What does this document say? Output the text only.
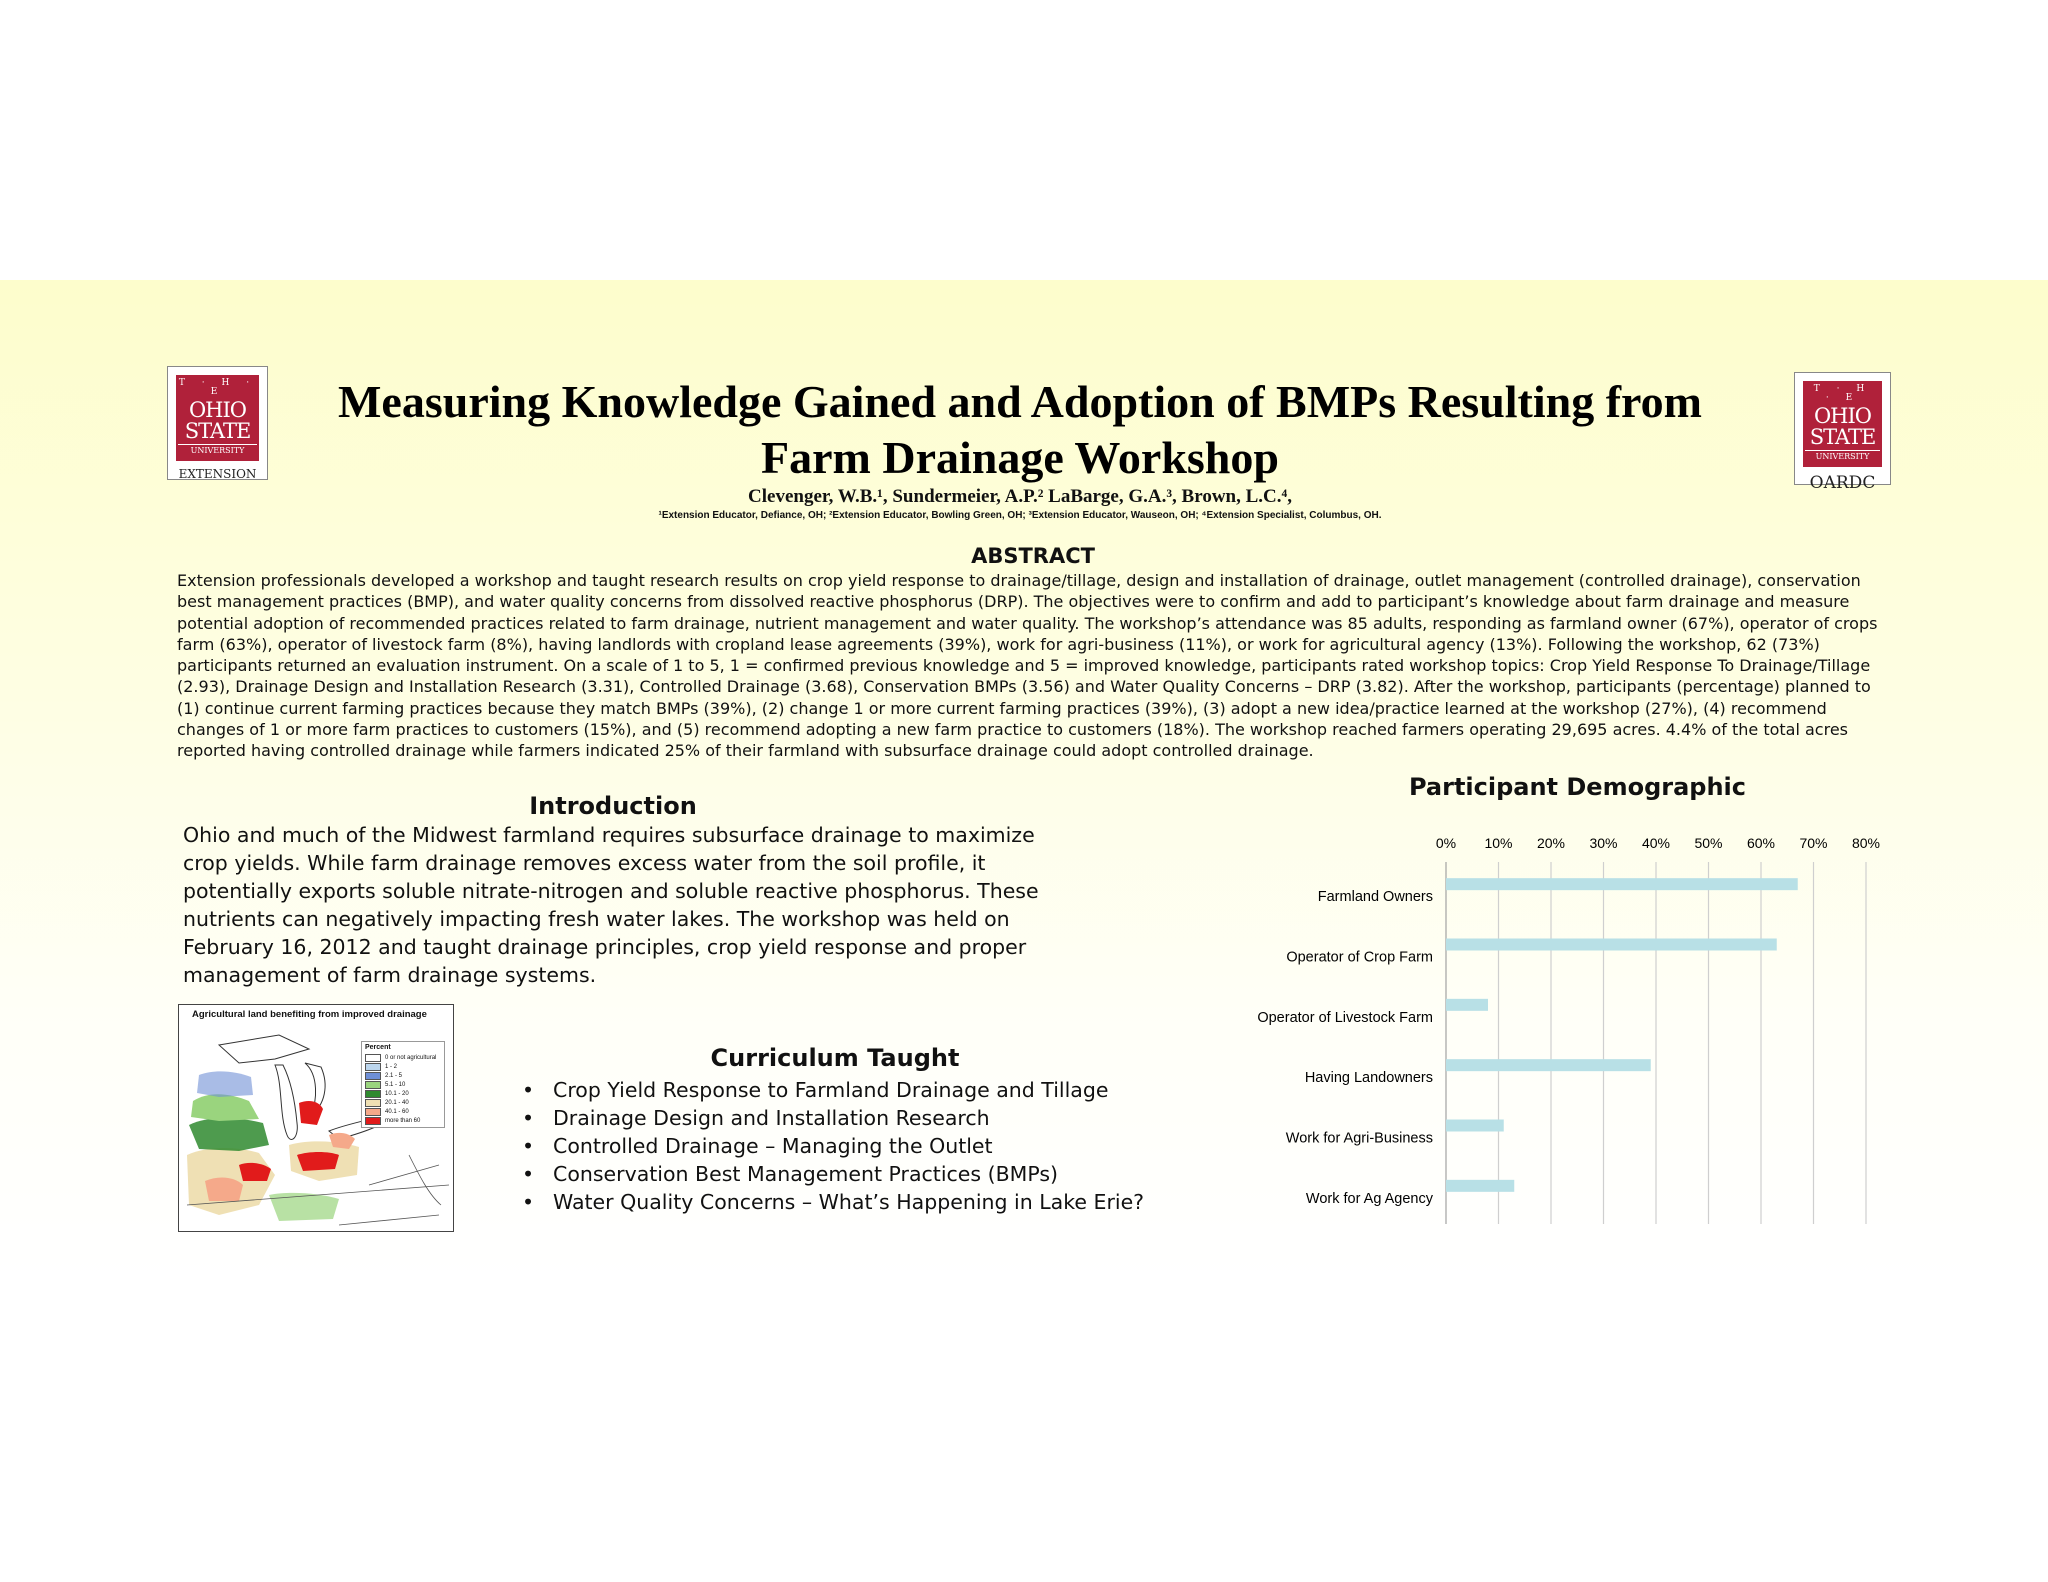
T · H · E
OHIO STATE
UNIVERSITY
EXTENSION
T · H · E
OHIO STATE
UNIVERSITY
OARDC
Measuring Knowledge Gained and Adoption of BMPs Resulting from
Farm Drainage Workshop
Clevenger, W.B.¹, Sundermeier, A.P.² LaBarge, G.A.³, Brown, L.C.⁴,
¹Extension Educator, Defiance, OH; ²Extension Educator, Bowling Green, OH; ³Extension Educator, Wauseon, OH; ⁴Extension Specialist, Columbus, OH.
ABSTRACT

Extension professionals developed a workshop and taught research results on crop yield response to drainage/tillage, design and installation of drainage, outlet management (controlled drainage), conservation best management practices (BMP), and water quality concerns from dissolved reactive phosphorus (DRP). The objectives were to confirm and add to participant’s knowledge about farm drainage and measure potential adoption of recommended practices related to farm drainage, nutrient management and water quality. The workshop’s attendance was 85 adults, responding as farmland owner (67%), operator of crops farm (63%), operator of livestock farm (8%), having landlords with cropland lease agreements (39%), work for agri-business (11%), or work for agricultural agency (13%). Following the workshop, 62 (73%) participants returned an evaluation instrument. On a scale of 1 to 5, 1 = confirmed previous knowledge and 5 = improved knowledge, participants rated workshop topics: Crop Yield Response To Drainage/Tillage (2.93), Drainage Design and Installation Research (3.31), Controlled Drainage (3.68), Conservation BMPs (3.56) and Water Quality Concerns – DRP (3.82). After the workshop, participants (percentage) planned to (1) continue current farming practices because they match BMPs (39%), (2) change 1 or more current farming practices (39%), (3) adopt a new idea/practice learned at the workshop (27%), (4) recommend changes of 1 or more farm practices to customers (15%), and (5) recommend adopting a new farm practice to customers (18%). The workshop reached farmers operating 29,695 acres. 4.4% of the total acres reported having controlled drainage while farmers indicated 25% of their farmland with subsurface drainage could adopt controlled drainage.

Introduction

Ohio and much of the Midwest farmland requires subsurface drainage to maximize crop yields. While farm drainage removes excess water from the soil profile, it potentially exports soluble nitrate-nitrogen and soluble reactive phosphorus. These nutrients can negatively impacting fresh water lakes. The workshop was held on February 16, 2012 and taught drainage principles, crop yield response and proper management of farm drainage systems.

Agricultural land benefiting from improved drainage
Percent
0 or not agricultural
1 - 2
2.1 - 5
5.1 - 10
10.1 - 20
20.1 - 40
40.1 - 60
more than 60
Curriculum Taught
• Crop Yield Response to Farmland Drainage and Tillage
• Drainage Design and Installation Research
• Controlled Drainage – Managing the Outlet
• Conservation Best Management Practices (BMPs)
• Water Quality Concerns – What’s Happening in Lake Erie?
Participant Demographic
0% 10% 20% 30% 40% 50% 60% 70% 80%
Farmland Owners
Operator of Crop Farm
Operator of Livestock Farm
Having Landowners
Work for Agri-Business
Work for Ag Agency
